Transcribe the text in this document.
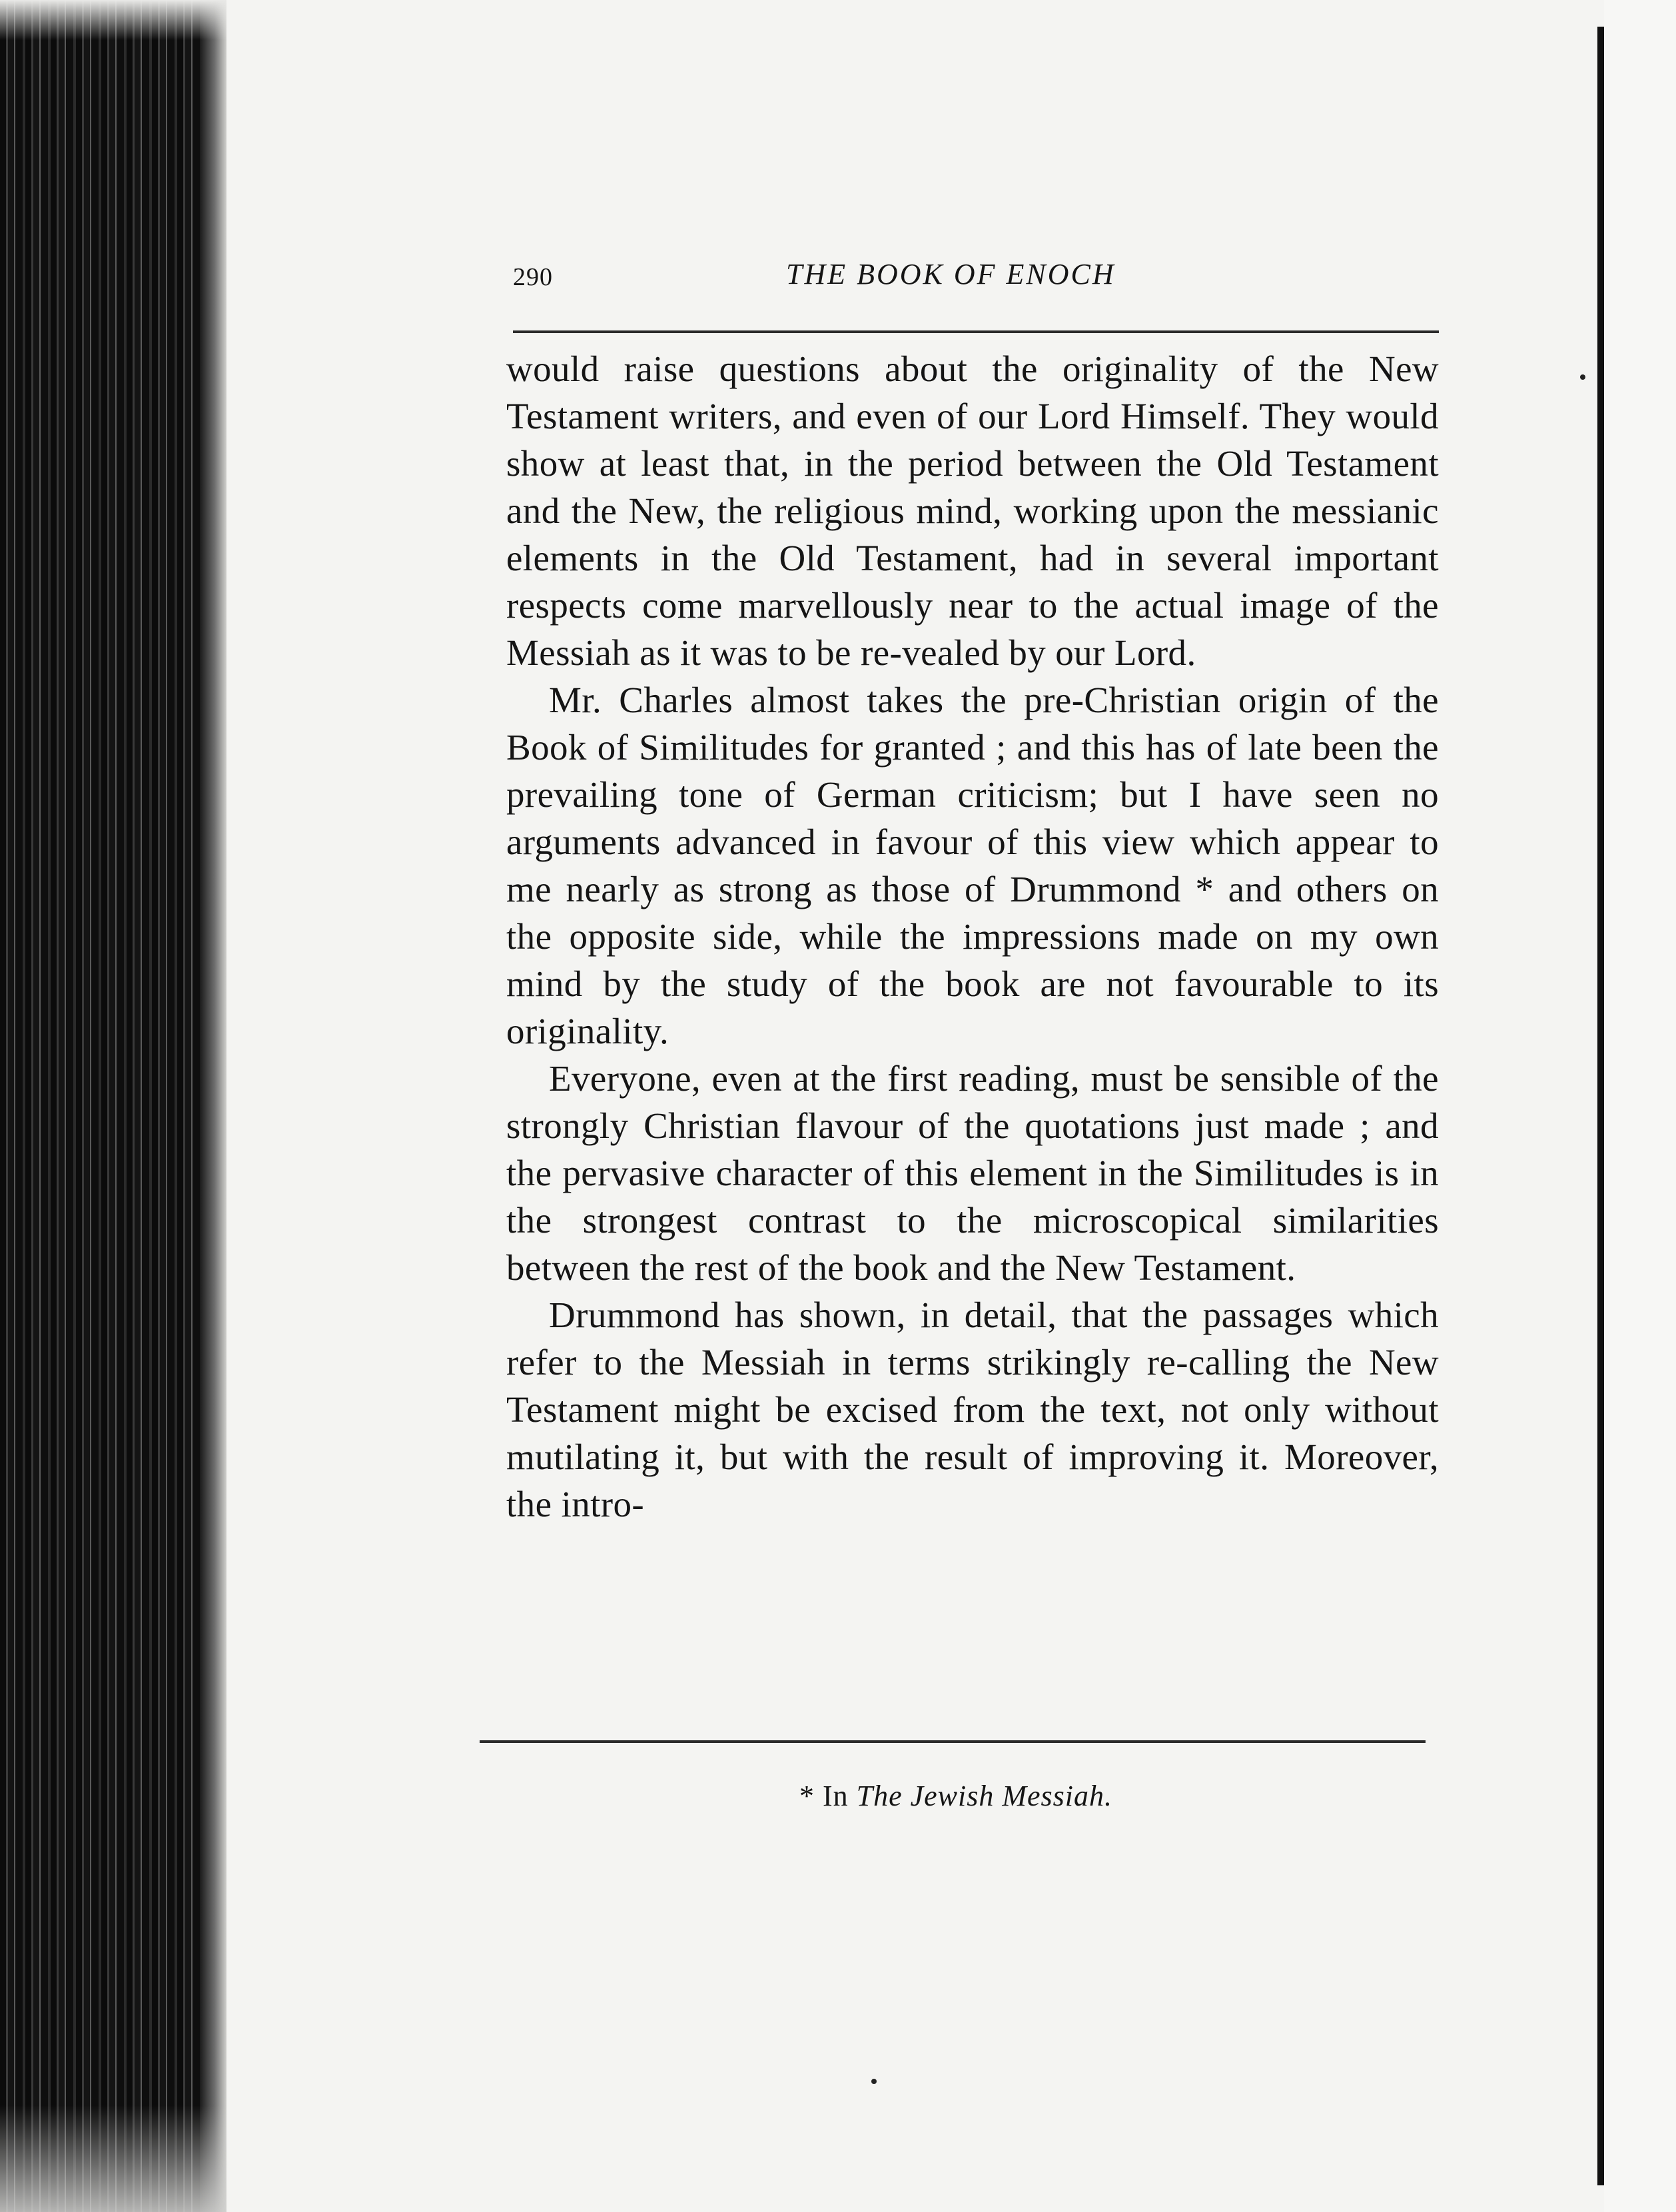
290	THE BOOK OF ENOCH

would raise questions about the originality of the New Testament writers, and even of our Lord Himself. They would show at least that, in the period between the Old Testament and the New, the religious mind, working upon the messianic elements in the Old Testament, had in several important respects come marvellously near to the actual image of the Messiah as it was to be re-vealed by our Lord.

Mr. Charles almost takes the pre-Christian origin of the Book of Similitudes for granted ; and this has of late been the prevailing tone of German criticism; but I have seen no arguments advanced in favour of this view which appear to me nearly as strong as those of Drummond * and others on the opposite side, while the impressions made on my own mind by the study of the book are not favourable to its originality.

Everyone, even at the first reading, must be sensible of the strongly Christian flavour of the quotations just made ; and the pervasive character of this element in the Similitudes is in the strongest contrast to the microscopical similarities between the rest of the book and the New Testament.

Drummond has shown, in detail, that the passages which refer to the Messiah in terms strikingly re-calling the New Testament might be excised from the text, not only without mutilating it, but with the result of improving it. Moreover, the intro-

* In The Jewish Messiah.
